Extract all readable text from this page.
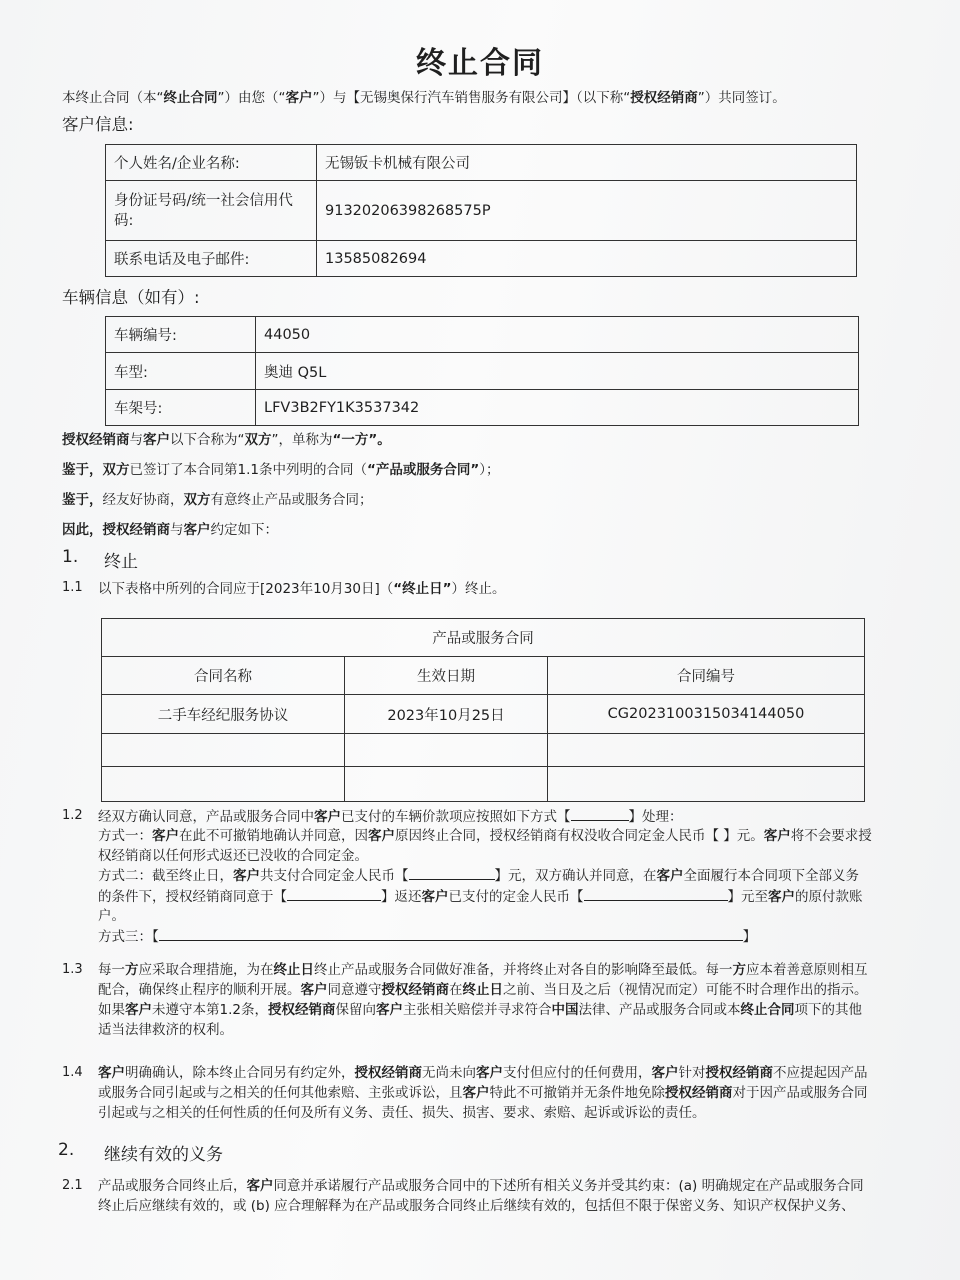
终止合同
本终止合同（本“终止合同”）由您（“客户”）与【无锡奥保行汽车销售服务有限公司】（以下称“授权经销商”）共同签订。
客户信息:
个人姓名/企业名称:	无锡钣卡机械有限公司
身份证号码/统一社会信用代码:	91320206398268575P
联系电话及电子邮件:	13585082694
车辆信息（如有）:
车辆编号:	44050
车型:	奥迪 Q5L
车架号:	LFV3B2FY1K3537342
授权经销商与客户以下合称为“双方”，单称为“一方”。
鉴于，双方已签订了本合同第1.1条中列明的合同（“产品或服务合同”）；
鉴于，经友好协商，双方有意终止产品或服务合同；
因此，授权经销商与客户约定如下：
1. 终止
1.1 以下表格中所列的合同应于[2023年10月30日]（“终止日”）终止。
产品或服务合同		
合同名称	生效日期	合同编号
二手车经纪服务协议	2023年10月25日	CG2023100315034144050

1.2 经双方确认同意，产品或服务合同中客户已支付的车辆价款项应按照如下方式【	】处理：
方式一：客户在此不可撤销地确认并同意，因客户原因终止合同，授权经销商有权没收合同定金人民币【 】元。客户将不会要求授
权经销商以任何形式返还已没收的合同定金。
方式二：截至终止日，客户共支付合同定金人民币【	】元，双方确认并同意，在客户全面履行本合同项下全部义务
的条件下，授权经销商同意于【	】返还客户已支付的定金人民币【	】元至客户的原付款账
户。
方式三：【	】
1.3 每一方应采取合理措施，为在终止日终止产品或服务合同做好准备，并将终止对各自的影响降至最低。每一方应本着善意原则相互
配合，确保终止程序的顺利开展。客户同意遵守授权经销商在终止日之前、当日及之后（视情况而定）可能不时合理作出的指示。
如果客户未遵守本第1.2条，授权经销商保留向客户主张相关赔偿并寻求符合中国法律、产品或服务合同或本终止合同项下的其他
适当法律救济的权利。
1.4 客户明确确认，除本终止合同另有约定外，授权经销商无尚未向客户支付但应付的任何费用，客户针对授权经销商不应提起因产品
或服务合同引起或与之相关的任何其他索赔、主张或诉讼，且客户特此不可撤销并无条件地免除授权经销商对于因产品或服务合同
引起或与之相关的任何性质的任何及所有义务、责任、损失、损害、要求、索赔、起诉或诉讼的责任。
2. 继续有效的义务
2.1 产品或服务合同终止后，客户同意并承诺履行产品或服务合同中的下述所有相关义务并受其约束：(a) 明确规定在产品或服务合同
终止后应继续有效的，或 (b) 应合理解释为在产品或服务合同终止后继续有效的，包括但不限于保密义务、知识产权保护义务、
